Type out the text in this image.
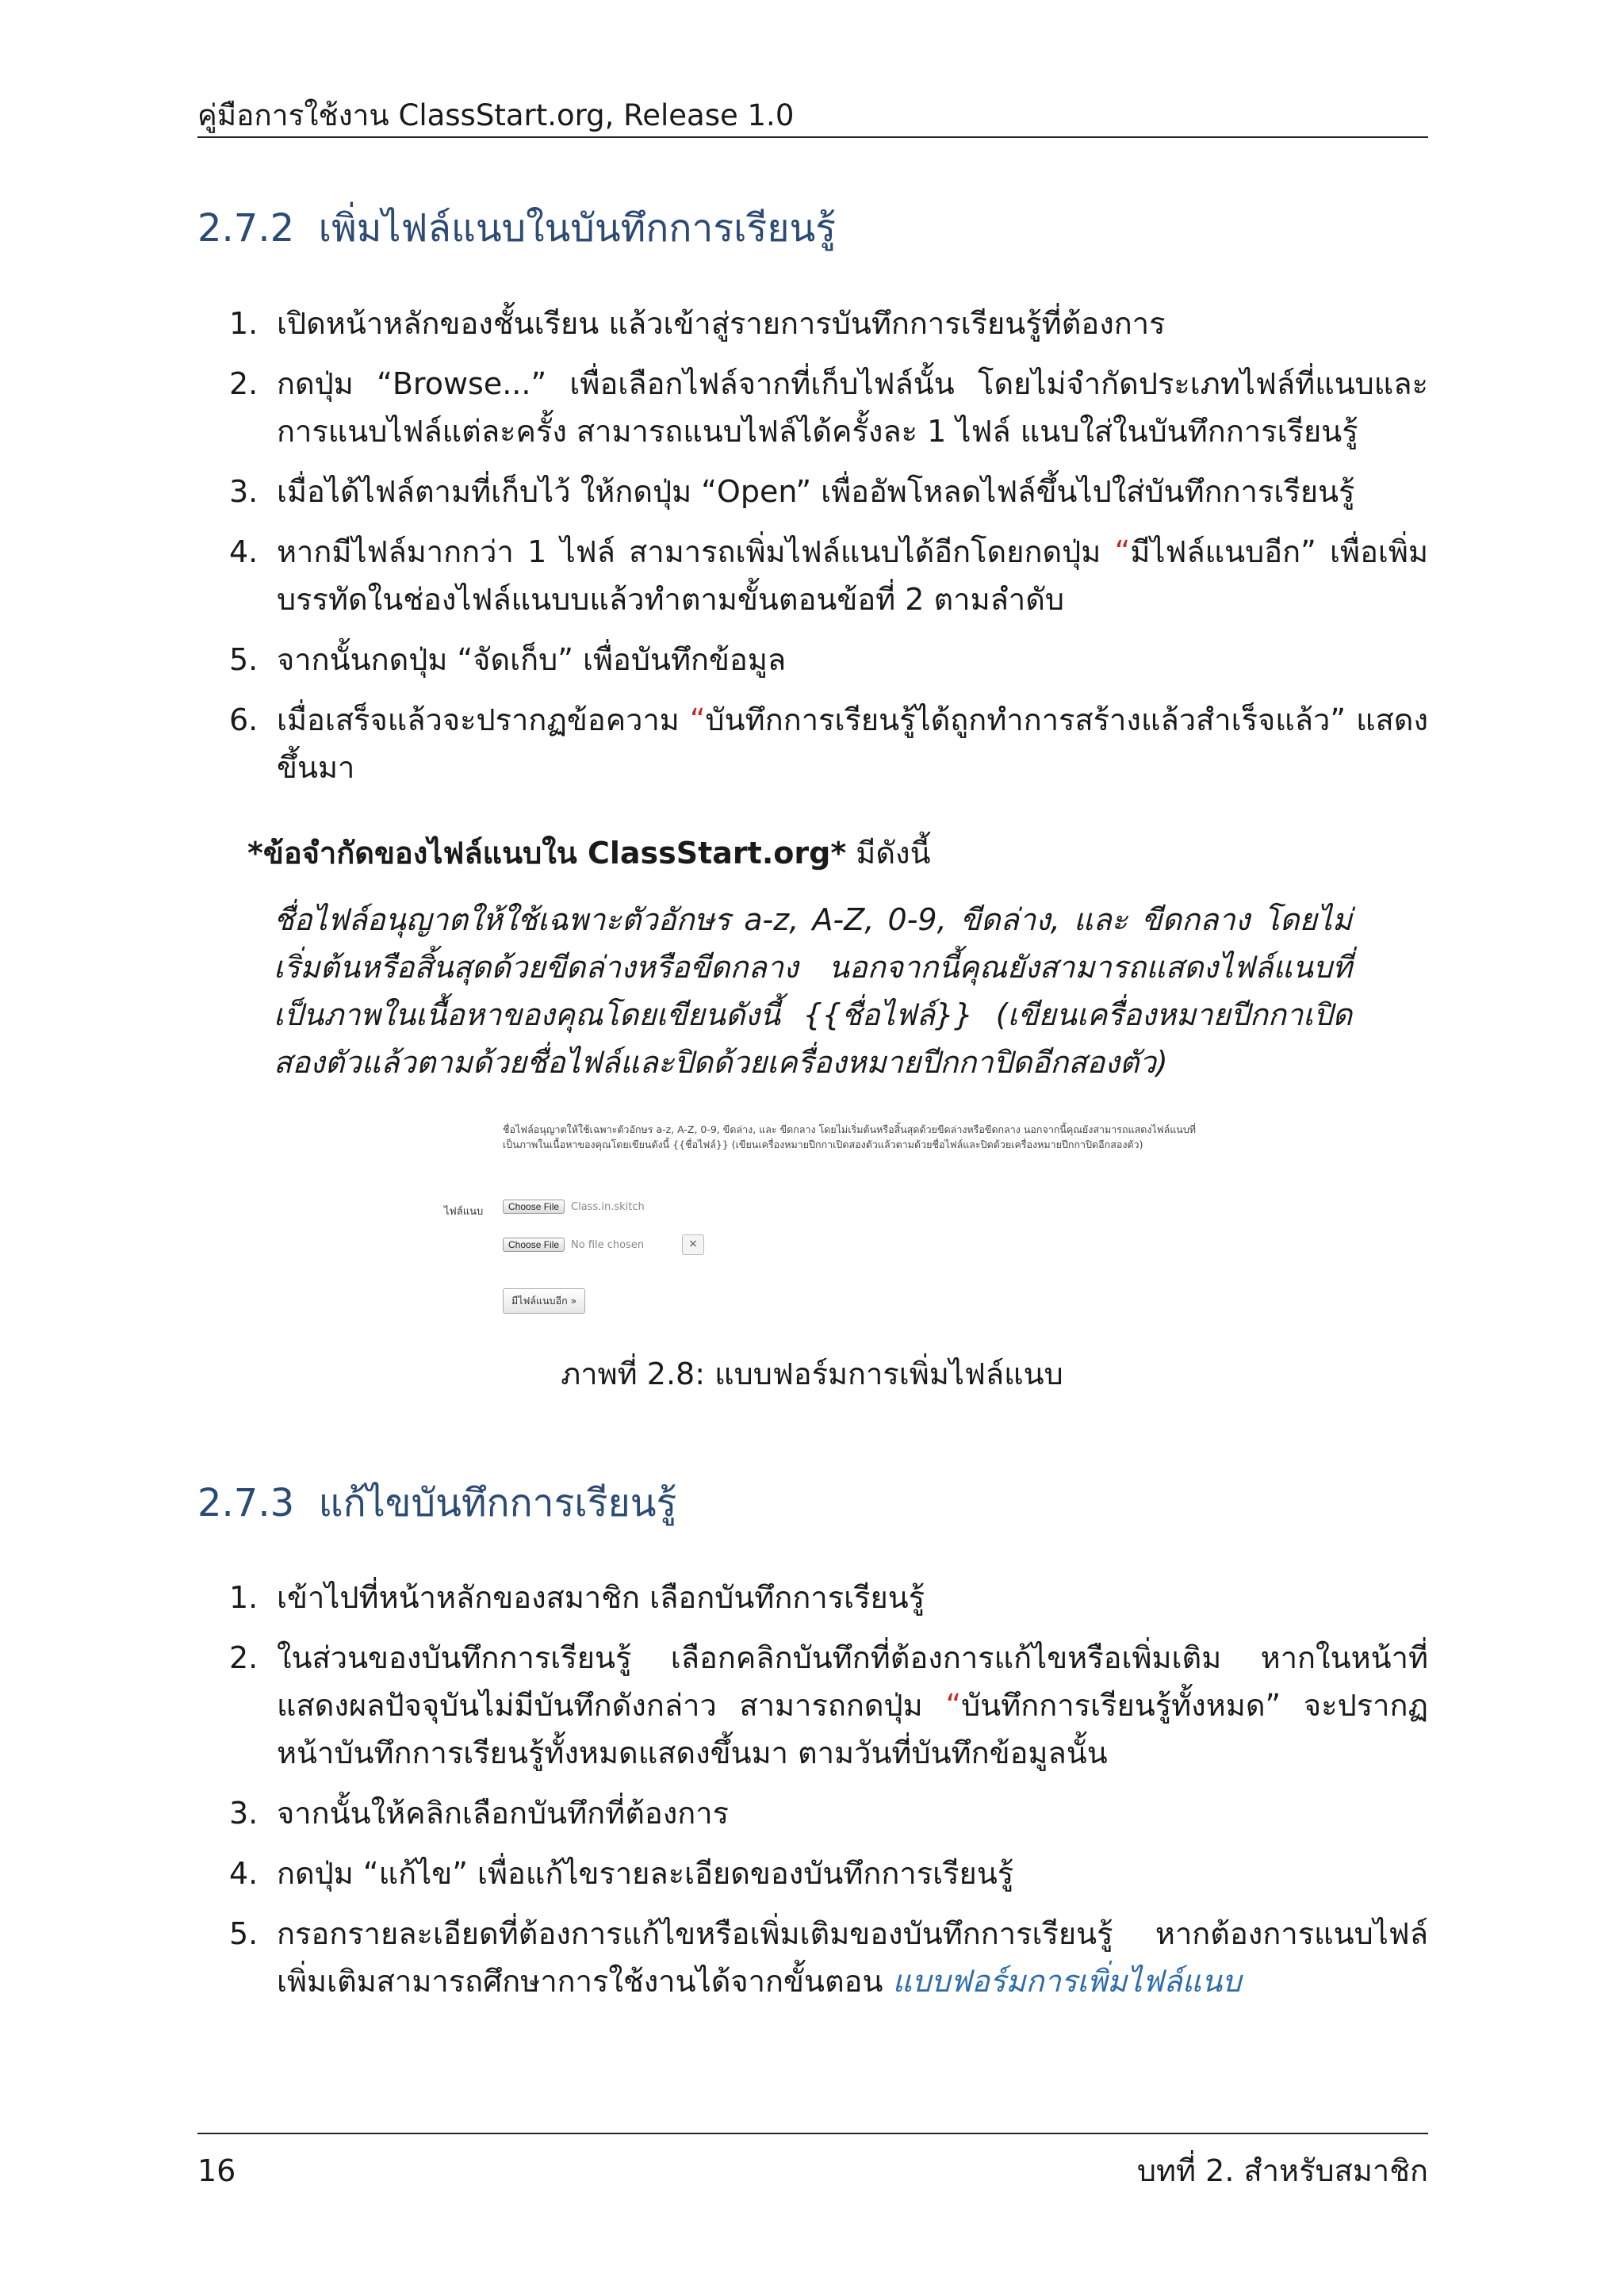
คู่มือการใช้งาน ClassStart.org, Release 1.0
2.7.2 เพิ่มไฟล์แนบในบันทึกการเรียนรู้
1. เปิดหน้าหลักของชั้นเรียน แล้วเข้าสู่รายการบันทึกการเรียนรู้ที่ต้องการ
2. กดปุ่ม “Browse...” เพื่อเลือกไฟล์จากที่เก็บไฟล์นั้น โดยไม่จำกัดประเภทไฟล์ที่แนบและการแนบไฟล์แต่ละครั้ง สามารถแนบไฟล์ได้ครั้งละ 1 ไฟล์ แนบใส่ในบันทึกการเรียนรู้
3. เมื่อได้ไฟล์ตามที่เก็บไว้ ให้กดปุ่ม “Open” เพื่ออัพโหลดไฟล์ขึ้นไปใส่บันทึกการเรียนรู้
4. หากมีไฟล์มากกว่า 1 ไฟล์ สามารถเพิ่มไฟล์แนบได้อีกโดยกดปุ่ม “มีไฟล์แนบอีก” เพื่อเพิ่มบรรทัดในช่องไฟล์แนบบแล้วทำตามขั้นตอนข้อที่ 2 ตามลำดับ
5. จากนั้นกดปุ่ม “จัดเก็บ” เพื่อบันทึกข้อมูล
6. เมื่อเสร็จแล้วจะปรากฏข้อความ “บันทึกการเรียนรู้ได้ถูกทำการสร้างแล้วสำเร็จแล้ว” แสดงขึ้นมา
*ข้อจำกัดของไฟล์แนบใน ClassStart.org* มีดังนี้

ชื่อไฟล์อนุญาตให้ใช้เฉพาะตัวอักษร a-z, A-Z, 0-9, ขีดล่าง, และ ขีดกลาง โดยไม่เริ่มต้นหรือสิ้นสุดด้วยขีดล่างหรือขีดกลาง นอกจากนี้คุณยังสามารถแสดงไฟล์แนบที่เป็นภาพในเนื้อหาของคุณโดยเขียนดังนี้ {{ชื่อไฟล์}} (เขียนเครื่องหมายปีกกาเปิดสองตัวแล้วตามด้วยชื่อไฟล์และปิดด้วยเครื่องหมายปีกกาปิดอีกสองตัว)

ชื่อไฟล์อนุญาตให้ใช้เฉพาะตัวอักษร a-z, A-Z, 0-9, ขีดล่าง, และ ขีดกลาง โดยไม่เริ่มต้นหรือสิ้นสุดด้วยขีดล่างหรือขีดกลาง นอกจากนี้คุณยังสามารถแสดงไฟล์แนบที่เป็นภาพในเนื้อหาของคุณโดยเขียนดังนี้ {{ชื่อไฟล์}} (เขียนเครื่องหมายปีกกาเปิดสองตัวแล้วตามด้วยชื่อไฟล์และปิดด้วยเครื่องหมายปีกกาปิดอีกสองตัว)

ไฟล์แนบ	Choose File	Class.in.skitch
Choose File	No file chosen	×
มีไฟล์แนบอีก »

ภาพที่ 2.8: แบบฟอร์มการเพิ่มไฟล์แนบ

2.7.3 แก้ไขบันทึกการเรียนรู้
1. เข้าไปที่หน้าหลักของสมาชิก เลือกบันทึกการเรียนรู้
2. ในส่วนของบันทึกการเรียนรู้ เลือกคลิกบันทึกที่ต้องการแก้ไขหรือเพิ่มเติม หากในหน้าที่แสดงผลปัจจุบันไม่มีบันทึกดังกล่าว สามารถกดปุ่ม “บันทึกการเรียนรู้ทั้งหมด” จะปรากฏหน้าบันทึกการเรียนรู้ทั้งหมดแสดงขึ้นมา ตามวันที่บันทึกข้อมูลนั้น
3. จากนั้นให้คลิกเลือกบันทึกที่ต้องการ
4. กดปุ่ม “แก้ไข” เพื่อแก้ไขรายละเอียดของบันทึกการเรียนรู้
5. กรอกรายละเอียดที่ต้องการแก้ไขหรือเพิ่มเติมของบันทึกการเรียนรู้ หากต้องการแนบไฟล์เพิ่มเติมสามารถศึกษาการใช้งานได้จากขั้นตอน แบบฟอร์มการเพิ่มไฟล์แนบ
16	บทที่ 2. สำหรับสมาชิก
